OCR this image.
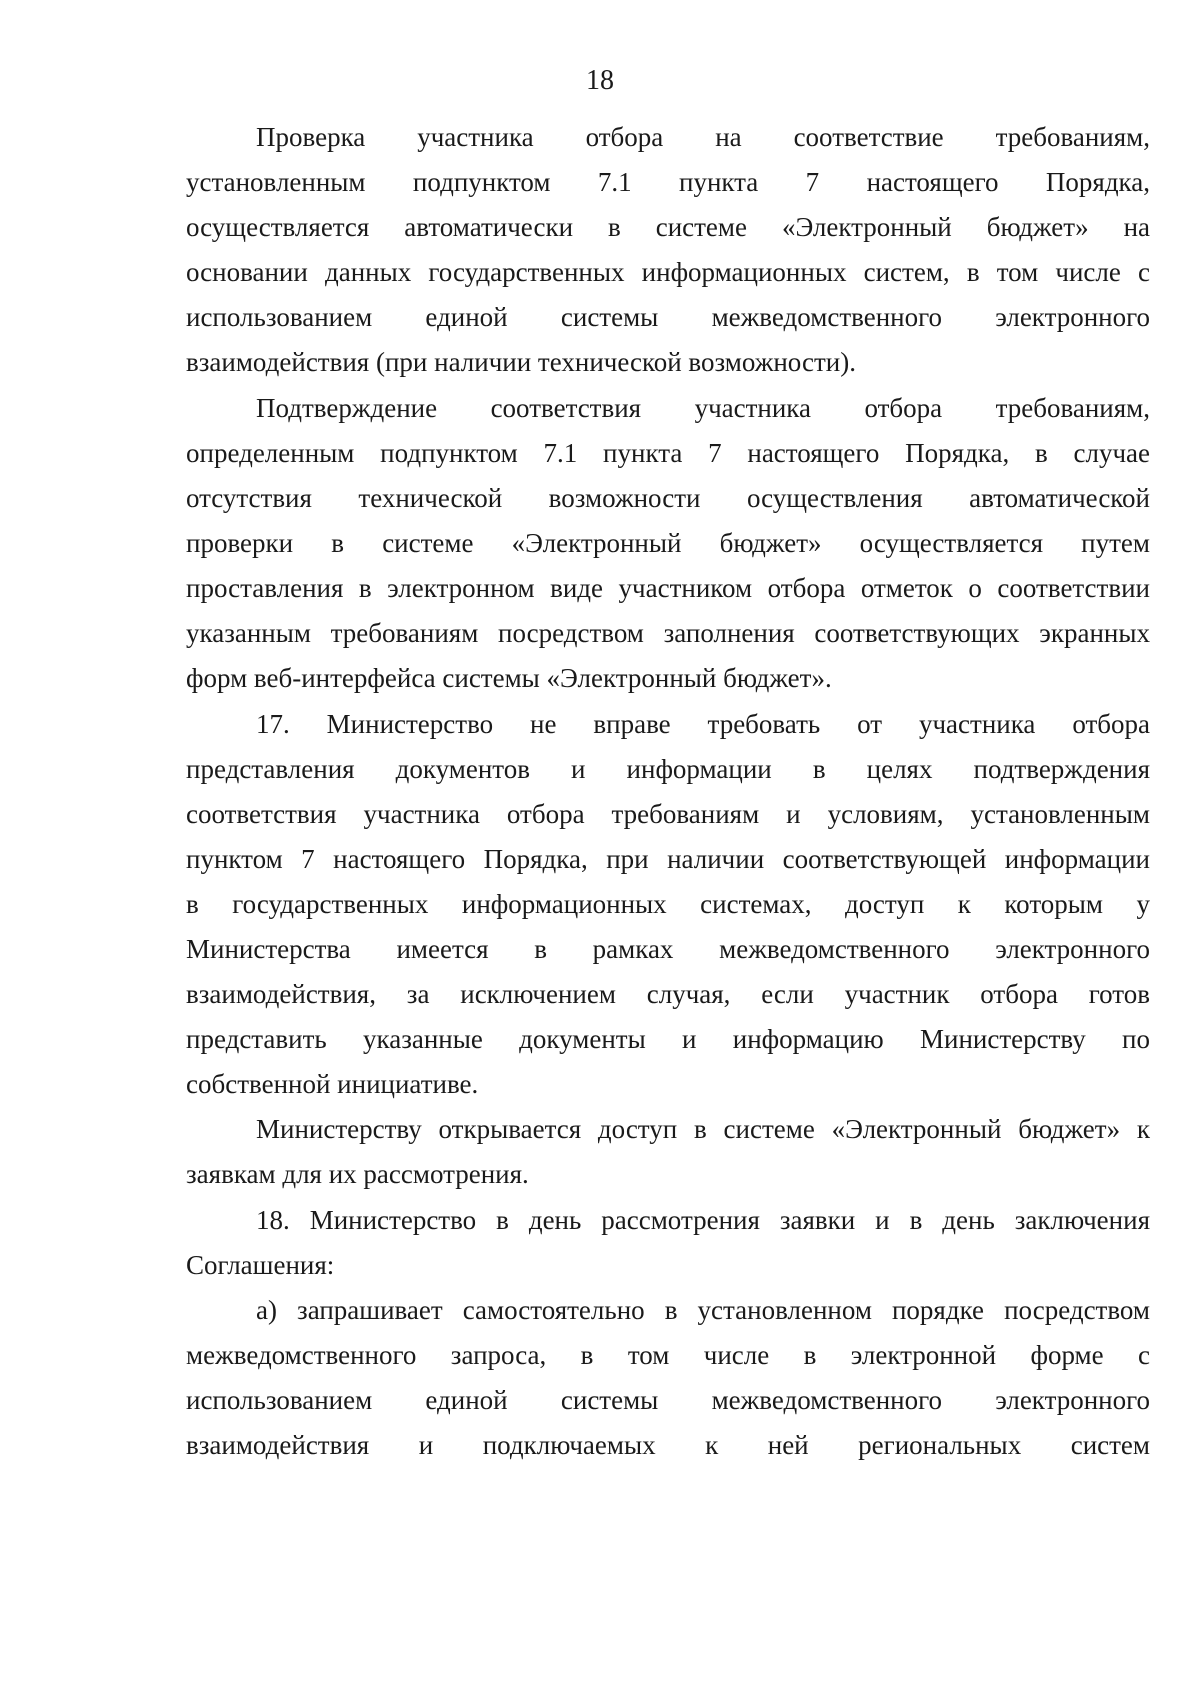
18
Проверка участника отбора на соответствие требованиям,
установленным подпунктом 7.1 пункта 7 настоящего Порядка,
осуществляется автоматически в системе «Электронный бюджет» на
основании данных государственных информационных систем, в том числе с
использованием единой системы межведомственного электронного
взаимодействия (при наличии технической возможности).
Подтверждение соответствия участника отбора требованиям,
определенным подпунктом 7.1 пункта 7 настоящего Порядка, в случае
отсутствия технической возможности осуществления автоматической
проверки в системе «Электронный бюджет» осуществляется путем
проставления в электронном виде участником отбора отметок о соответствии
указанным требованиям посредством заполнения соответствующих экранных
форм веб-интерфейса системы «Электронный бюджет».
17. Министерство не вправе требовать от участника отбора
представления документов и информации в целях подтверждения
соответствия участника отбора требованиям и условиям, установленным
пунктом 7 настоящего Порядка, при наличии соответствующей информации
в государственных информационных системах, доступ к которым у
Министерства имеется в рамках межведомственного электронного
взаимодействия, за исключением случая, если участник отбора готов
представить указанные документы и информацию Министерству по
собственной инициативе.
Министерству открывается доступ в системе «Электронный бюджет» к
заявкам для их рассмотрения.
18. Министерство в день рассмотрения заявки и в день заключения
Соглашения:
а) запрашивает самостоятельно в установленном порядке посредством
межведомственного запроса, в том числе в электронной форме с
использованием единой системы межведомственного электронного
взаимодействия и подключаемых к ней региональных систем
